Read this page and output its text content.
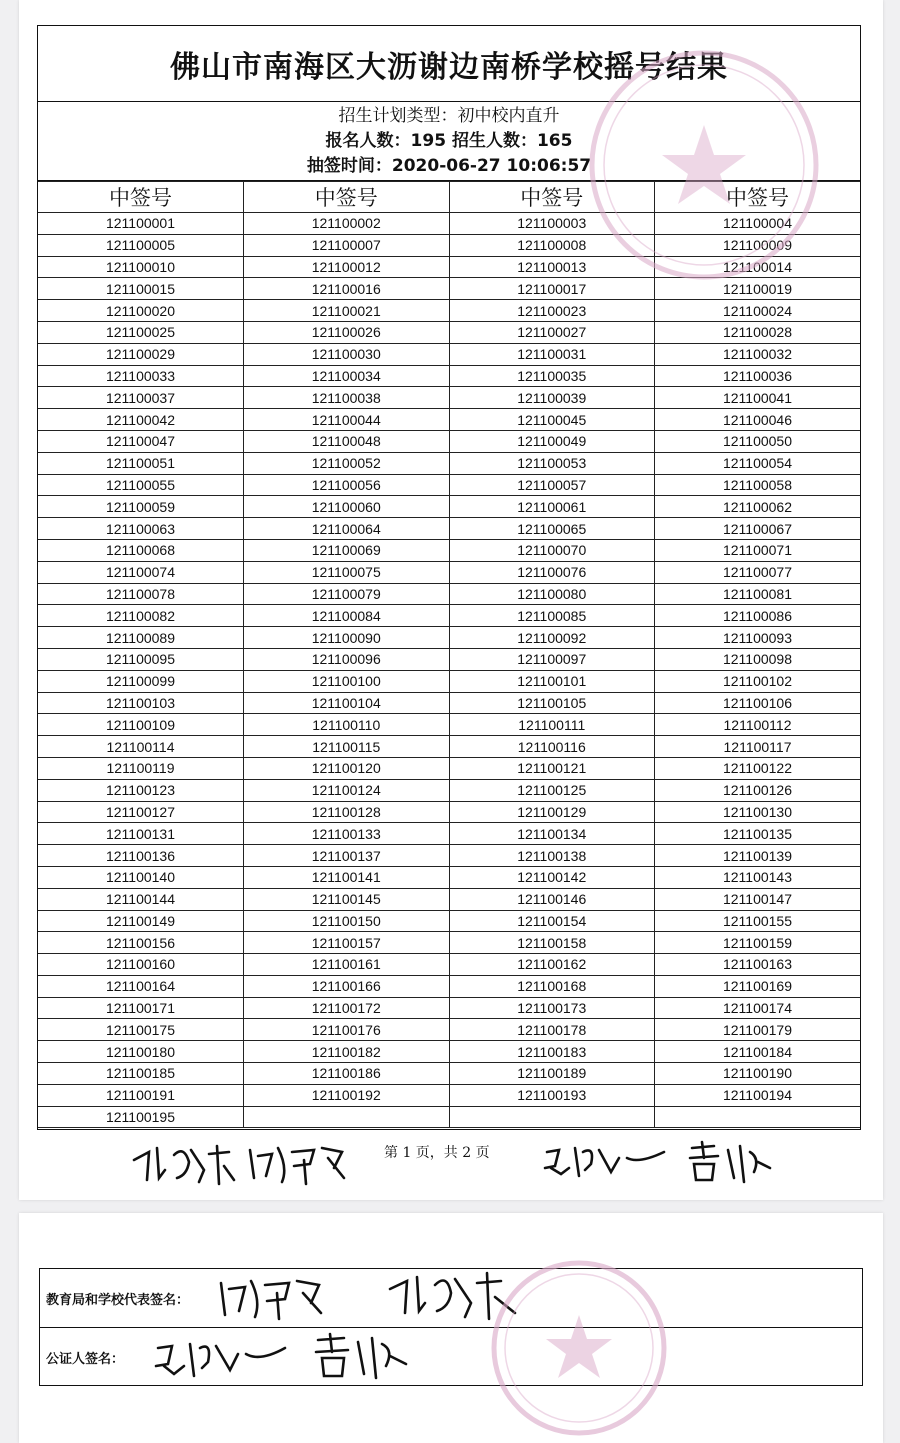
佛山市南海区大沥谢边南桥学校摇号结果
招生计划类型：初中校内直升
报名人数：195 招生人数：165
抽签时间：2020-06-27 10:06:57
中签号	中签号	中签号	中签号
121100001	121100002	121100003	121100004
121100005	121100007	121100008	121100009
121100010	121100012	121100013	121100014
121100015	121100016	121100017	121100019
121100020	121100021	121100023	121100024
121100025	121100026	121100027	121100028
121100029	121100030	121100031	121100032
121100033	121100034	121100035	121100036
121100037	121100038	121100039	121100041
121100042	121100044	121100045	121100046
121100047	121100048	121100049	121100050
121100051	121100052	121100053	121100054
121100055	121100056	121100057	121100058
121100059	121100060	121100061	121100062
121100063	121100064	121100065	121100067
121100068	121100069	121100070	121100071
121100074	121100075	121100076	121100077
121100078	121100079	121100080	121100081
121100082	121100084	121100085	121100086
121100089	121100090	121100092	121100093
121100095	121100096	121100097	121100098
121100099	121100100	121100101	121100102
121100103	121100104	121100105	121100106
121100109	121100110	121100111	121100112
121100114	121100115	121100116	121100117
121100119	121100120	121100121	121100122
121100123	121100124	121100125	121100126
121100127	121100128	121100129	121100130
121100131	121100133	121100134	121100135
121100136	121100137	121100138	121100139
121100140	121100141	121100142	121100143
121100144	121100145	121100146	121100147
121100149	121100150	121100154	121100155
121100156	121100157	121100158	121100159
121100160	121100161	121100162	121100163
121100164	121100166	121100168	121100169
121100171	121100172	121100173	121100174
121100175	121100176	121100178	121100179
121100180	121100182	121100183	121100184
121100185	121100186	121100189	121100190
121100191	121100192	121100193	121100194
121100195			
第 1 页，共 2 页
教育局和学校代表签名：
公证人签名：
